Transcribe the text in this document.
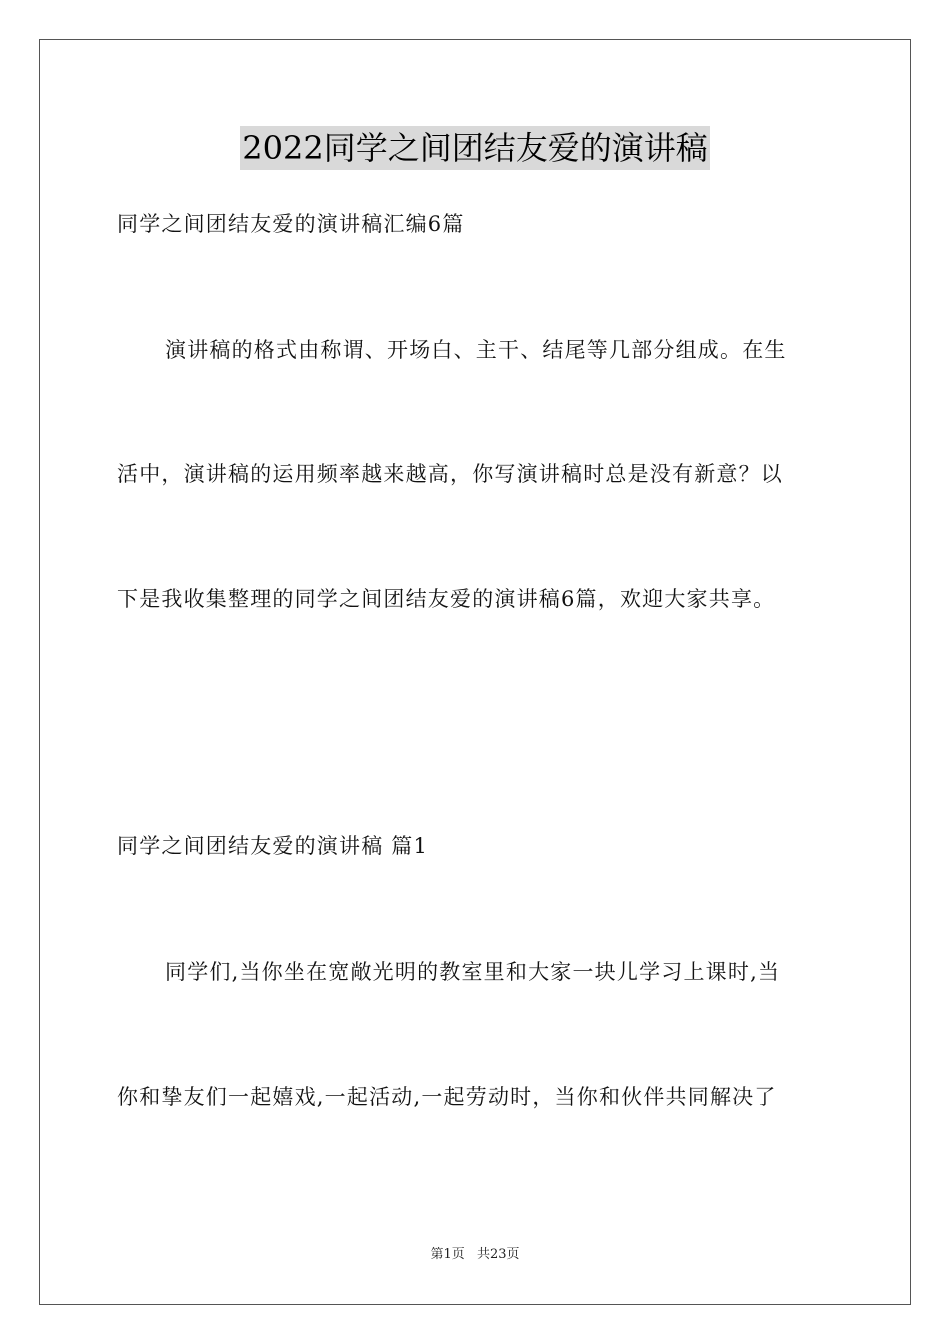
2022同学之间团结友爱的演讲稿
同学之间团结友爱的演讲稿汇编6篇
演讲稿的格式由称谓、开场白、主干、结尾等几部分组成。在生
活中，演讲稿的运用频率越来越高，你写演讲稿时总是没有新意？以
下是我收集整理的同学之间团结友爱的演讲稿6篇，欢迎大家共享。
同学之间团结友爱的演讲稿 篇1
同学们,当你坐在宽敞光明的教室里和大家一块儿学习上课时,当
你和挚友们一起嬉戏,一起活动,一起劳动时，当你和伙伴共同解决了
第1页 共23页
